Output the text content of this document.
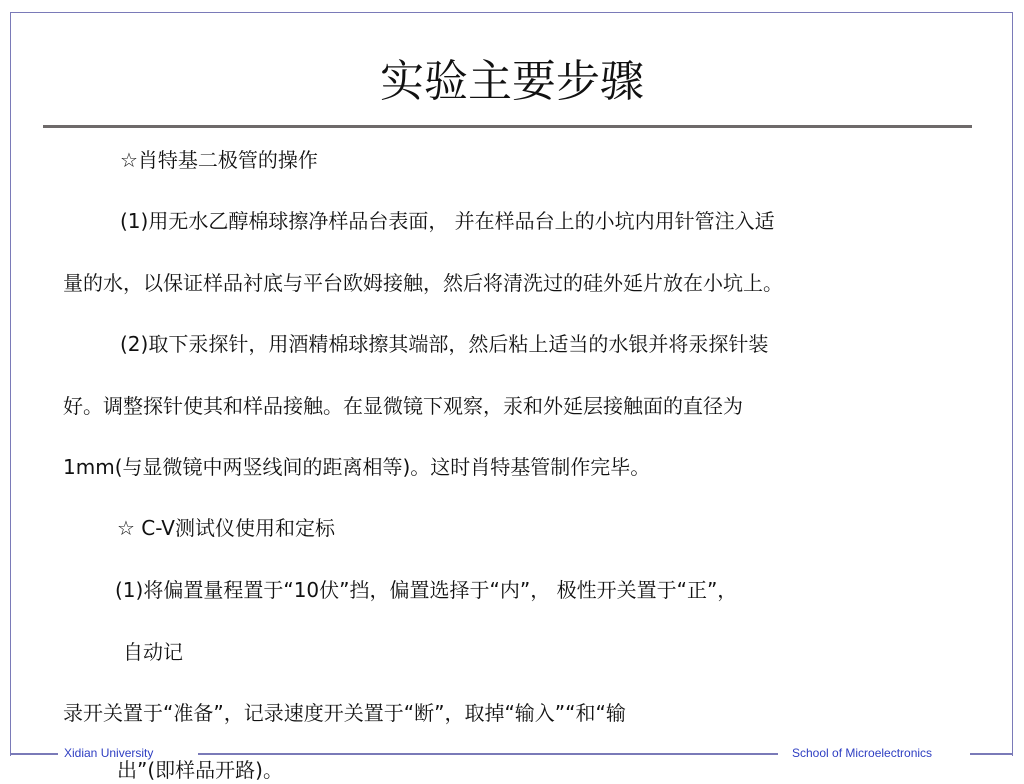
实验主要步骤
☆肖特基二极管的操作
(1)用无水乙醇棉球擦净样品台表面， 并在样品台上的小坑内用针管注入适
量的水，以保证样品衬底与平台欧姆接触，然后将清洗过的硅外延片放在小坑上。
(2)取下汞探针，用酒精棉球擦其端部，然后粘上适当的水银并将汞探针装
好。调整探针使其和样品接触。在显微镜下观察，汞和外延层接触面的直径为
1mm(与显微镜中两竖线间的距离相等)。这时肖特基管制作完毕。
☆ C-V测试仪使用和定标
(1)将偏置量程置于“10伏”挡，偏置选择于“内”， 极性开关置于“正”，
自动记
录开关置于“准备”，记录速度开关置于“断”，取掉“输入”“和“输
出”(即样品开路)。
Xidian University	School of Microelectronics
